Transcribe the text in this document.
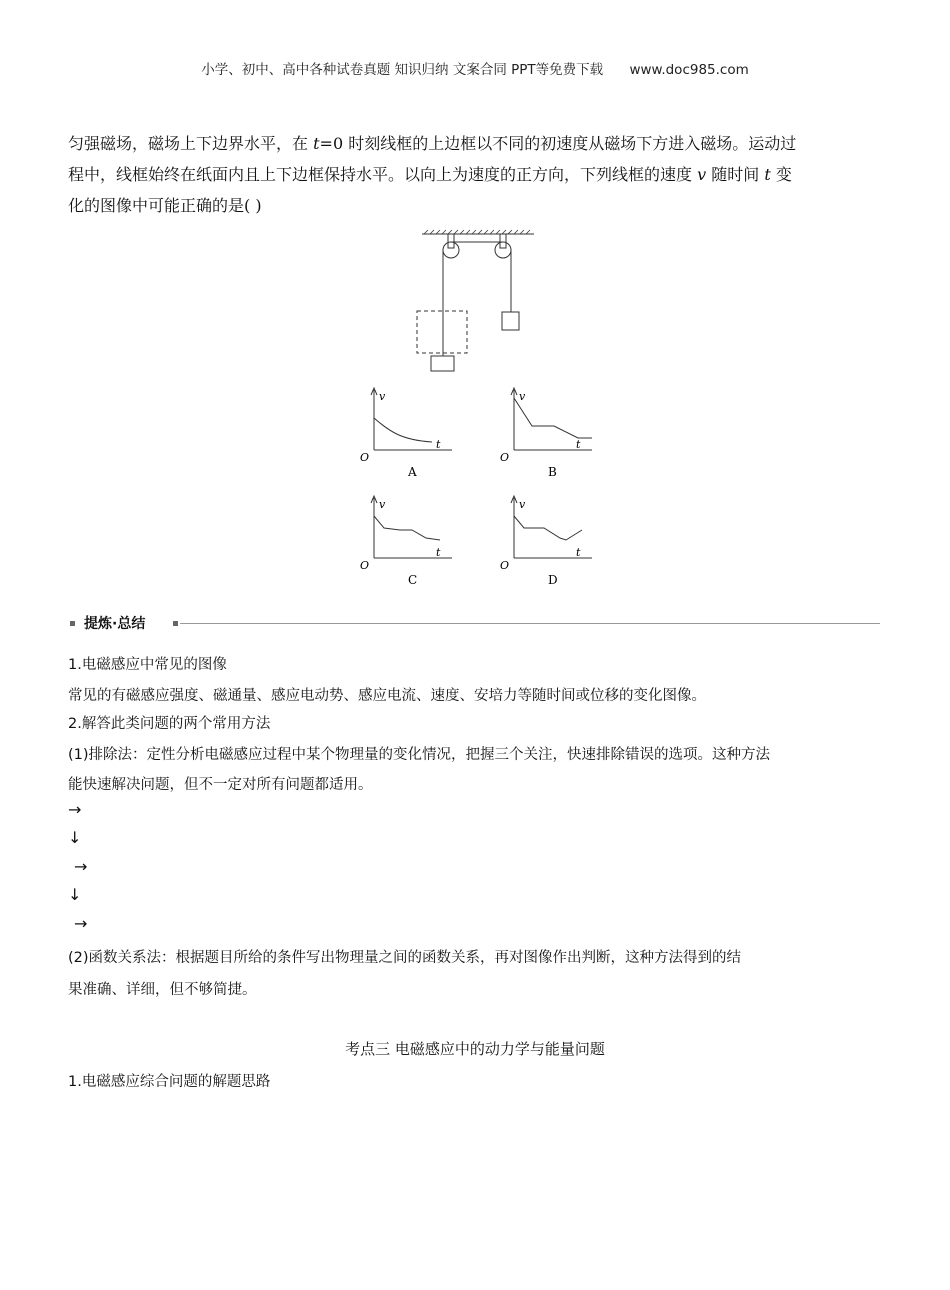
小学、初中、高中各种试卷真题 知识归纳 文案合同 PPT等免费下载 www.doc985.com
匀强磁场，磁场上下边界水平，在 t=0 时刻线框的上边框以不同的初速度从磁场下方进入磁场。运动过
程中，线框始终在纸面内且上下边框保持水平。以向上为速度的正方向，下列线框的速度 v 随时间 t 变
化的图像中可能正确的是( )
v
t
O
A
v
t
O
B
v
t
O
C
v
t
O
D
提炼·总结
1.电磁感应中常见的图像
常见的有磁感应强度、磁通量、感应电动势、感应电流、速度、安培力等随时间或位移的变化图像。
2.解答此类问题的两个常用方法
(1)排除法：定性分析电磁感应过程中某个物理量的变化情况，把握三个关注，快速排除错误的选项。这种方法
能快速解决问题，但不一定对所有问题都适用。
→
↓
→
↓
→
(2)函数关系法：根据题目所给的条件写出物理量之间的函数关系，再对图像作出判断，这种方法得到的结
果准确、详细，但不够简捷。
考点三 电磁感应中的动力学与能量问题
1.电磁感应综合问题的解题思路
